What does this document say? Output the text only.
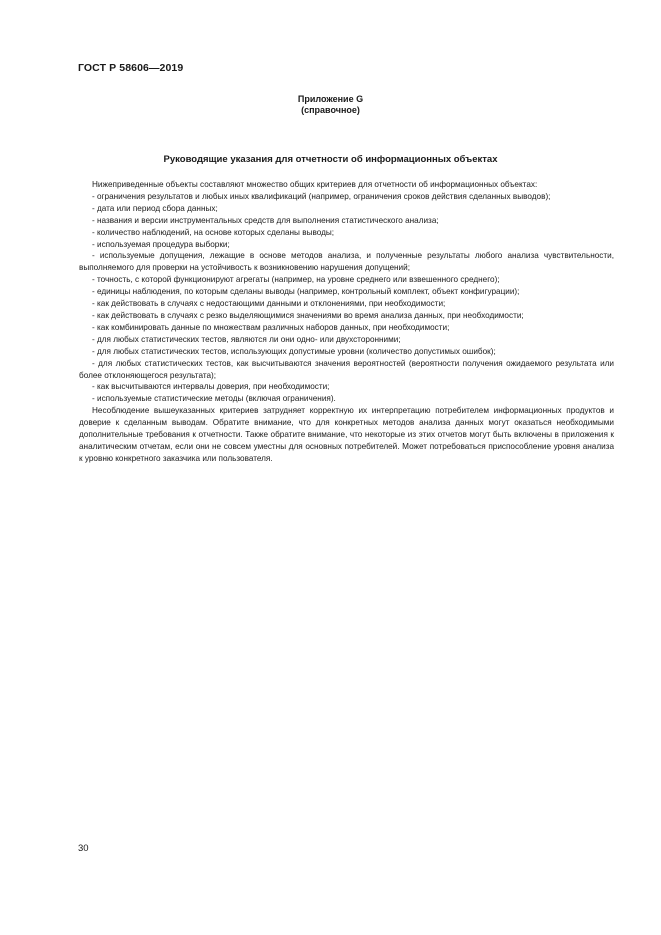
ГОСТ Р 58606—2019
Приложение G
(справочное)
Руководящие указания для отчетности об информационных объектах

Нижеприведенные объекты составляют множество общих критериев для отчетности об информационных объектах:

- ограничения результатов и любых иных квалификаций (например, ограничения сроков действия сделанных выводов);

- дата или период сбора данных;

- названия и версии инструментальных средств для выполнения статистического анализа;

- количество наблюдений, на основе которых сделаны выводы;

- используемая процедура выборки;

- используемые допущения, лежащие в основе методов анализа, и полученные результаты любого анализа чувствительности, выполняемого для проверки на устойчивость к возникновению нарушения допущений;

- точность, с которой функционируют агрегаты (например, на уровне среднего или взвешенного среднего);

- единицы наблюдения, по которым сделаны выводы (например, контрольный комплект, объект конфигурации);

- как действовать в случаях с недостающими данными и отклонениями, при необходимости;

- как действовать в случаях с резко выделяющимися значениями во время анализа данных, при необходимости;

- как комбинировать данные по множествам различных наборов данных, при необходимости;

- для любых статистических тестов, являются ли они одно- или двухсторонними;

- для любых статистических тестов, использующих допустимые уровни (количество допустимых ошибок);

- для любых статистических тестов, как высчитываются значения вероятностей (вероятности получения ожидаемого результата или более отклоняющегося результата);

- как высчитываются интервалы доверия, при необходимости;

- используемые статистические методы (включая ограничения).

Несоблюдение вышеуказанных критериев затрудняет корректную их интерпретацию потребителем информационных продуктов и доверие к сделанным выводам. Обратите внимание, что для конкретных методов анализа данных могут оказаться необходимыми дополнительные требования к отчетности. Также обратите внимание, что некоторые из этих отчетов могут быть включены в приложения к аналитическим отчетам, если они не совсем уместны для основных потребителей. Может потребоваться приспособление уровня анализа к уровню конкретного заказчика или пользователя.

30
